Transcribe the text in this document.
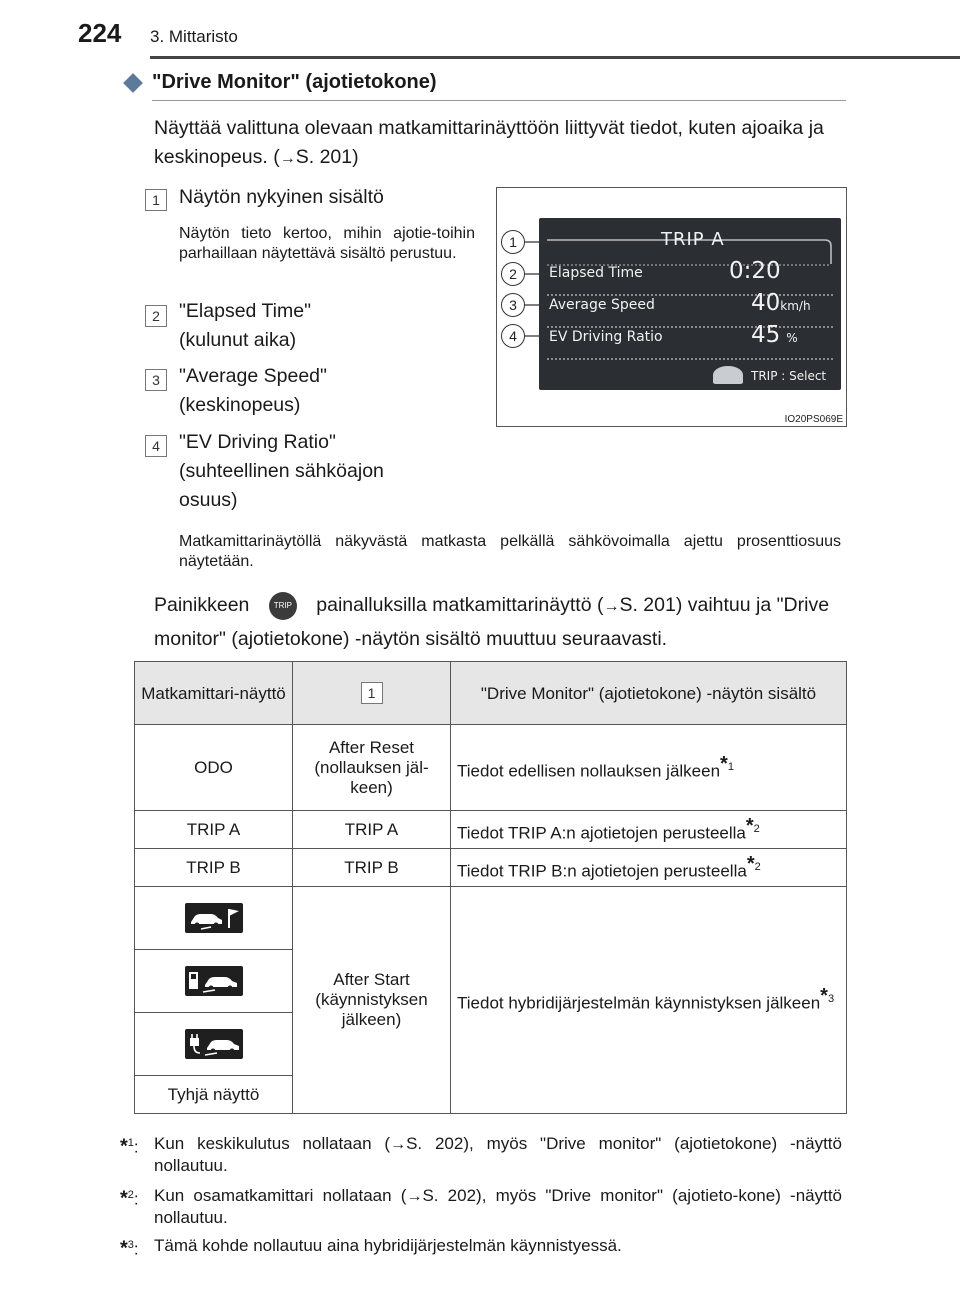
224 3. Mittaristo
"Drive Monitor" (ajotietokone)
Näyttää valittuna olevaan matkamittarinäyttöön liittyvät tiedot, kuten ajoaika ja keskinopeus. (→S. 201)
1 Näytön nykyinen sisältö
Näytön tieto kertoo, mihin ajotie-toihin parhaillaan näytettävä sisältö perustuu.
2 "Elapsed Time"
(kulunut aika)
3 "Average Speed"
(keskinopeus)
4 "EV Driving Ratio"
(suhteellinen sähköajon
osuus)
Matkamittarinäytöllä näkyvästä matkasta pelkällä sähkövoimalla ajettu prosenttiosuus näytetään.
TRIP A
Elapsed Time	0:20
Average Speed	40km/h
EV Driving Ratio	45 %
TRIP : Select
1
2
3
4
IO20PS069E
Painikkeen	TRIP painalluksilla matkamittarinäyttö (→S. 201) vaihtuu ja "Drive monitor" (ajotietokone) -näytön sisältö muuttuu seuraavasti.
Matkamittari-näyttö	1	"Drive Monitor" (ajotietokone) -näytön sisältö
ODO	After Reset (nollauksen jäl-keen)	Tiedot edellisen nollauksen jälkeen$^{*1}$
TRIP A	TRIP A	Tiedot TRIP A:n ajotietojen perusteella$^{*2}$
TRIP B	TRIP B	Tiedot TRIP B:n ajotietojen perusteella$^{*2}$
	After Start (käynnistyksen jälkeen)	Tiedot hybridijärjestelmän käynnistyksen jälkeen$^{*3}$

Tyhjä näyttö		
*$^1$: Kun keskikulutus nollataan (→S. 202), myös "Drive monitor" (ajotietokone) -näyttö nollautuu.
*$^2$: Kun osamatkamittari nollataan (→S. 202), myös "Drive monitor" (ajotieto-kone) -näyttö nollautuu.
*$^3$: Tämä kohde nollautuu aina hybridijärjestelmän käynnistyessä.
